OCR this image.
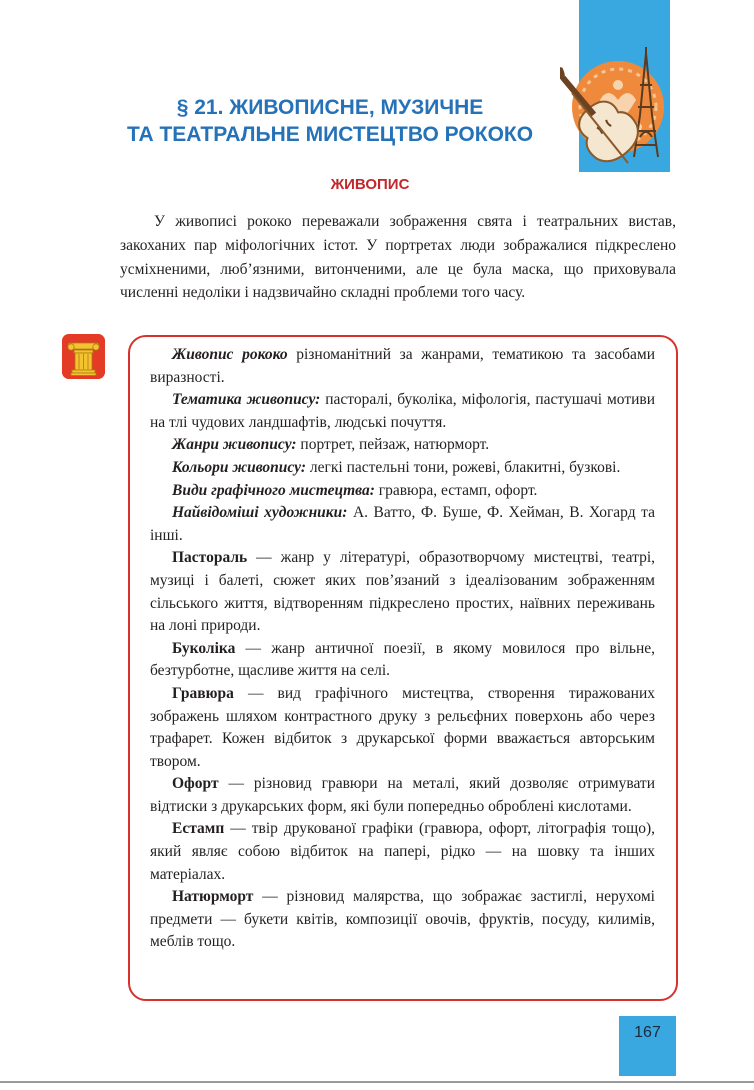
§ 21. ЖИВОПИСНЕ, МУЗИЧНЕ
ТА ТЕАТРАЛЬНЕ МИСТЕЦТВО РОКОКО
ЖИВОПИС

У живописі рококо переважали зображення свята і театральних вистав, закоханих пар міфологічних істот. У портретах люди зображалися підкреслено усміхненими, люб’язними, витонченими, але це була маска, що приховувала численні недоліки і надзвичайно складні проблеми того часу.

Живопис рококо різноманітний за жанрами, тематикою та засобами виразності.

Тематика живопису: пасторалі, буколіка, міфологія, пастушачі мотиви на тлі чудових ландшафтів, людські почуття.

Жанри живопису: портрет, пейзаж, натюрморт.

Кольори живопису: легкі пастельні тони, рожеві, блакитні, бузкові.

Види графічного мистецтва: гравюра, естамп, офорт.

Найвідоміші художники: А. Ватто, Ф. Буше, Ф. Хейман, В. Хогард та інші.

Пастораль — жанр у літературі, образотворчому мистецтві, театрі, музиці і балеті, сюжет яких пов’язаний з ідеалізованим зображенням сільського життя, відтворенням підкреслено простих, наївних переживань на лоні природи.

Буколіка — жанр античної поезії, в якому мовилося про вільне, безтурботне, щасливе життя на селі.

Гравюра — вид графічного мистецтва, створення тиражованих зображень шляхом контрастного друку з рельєфних поверхонь або через трафарет. Кожен відбиток з друкарської форми вважається авторським твором.

Офорт — різновид гравюри на металі, який дозволяє отримувати відтиски з друкарських форм, які були попередньо оброблені кислотами.

Естамп — твір друкованої графіки (гравюра, офорт, літографія тощо), який являє собою відбиток на папері, рідко — на шовку та інших матеріалах.

Натюрморт — різновид малярства, що зображає застиглі, нерухомі предмети — букети квітів, композиції овочів, фруктів, посуду, килимів, меблів тощо.

167
